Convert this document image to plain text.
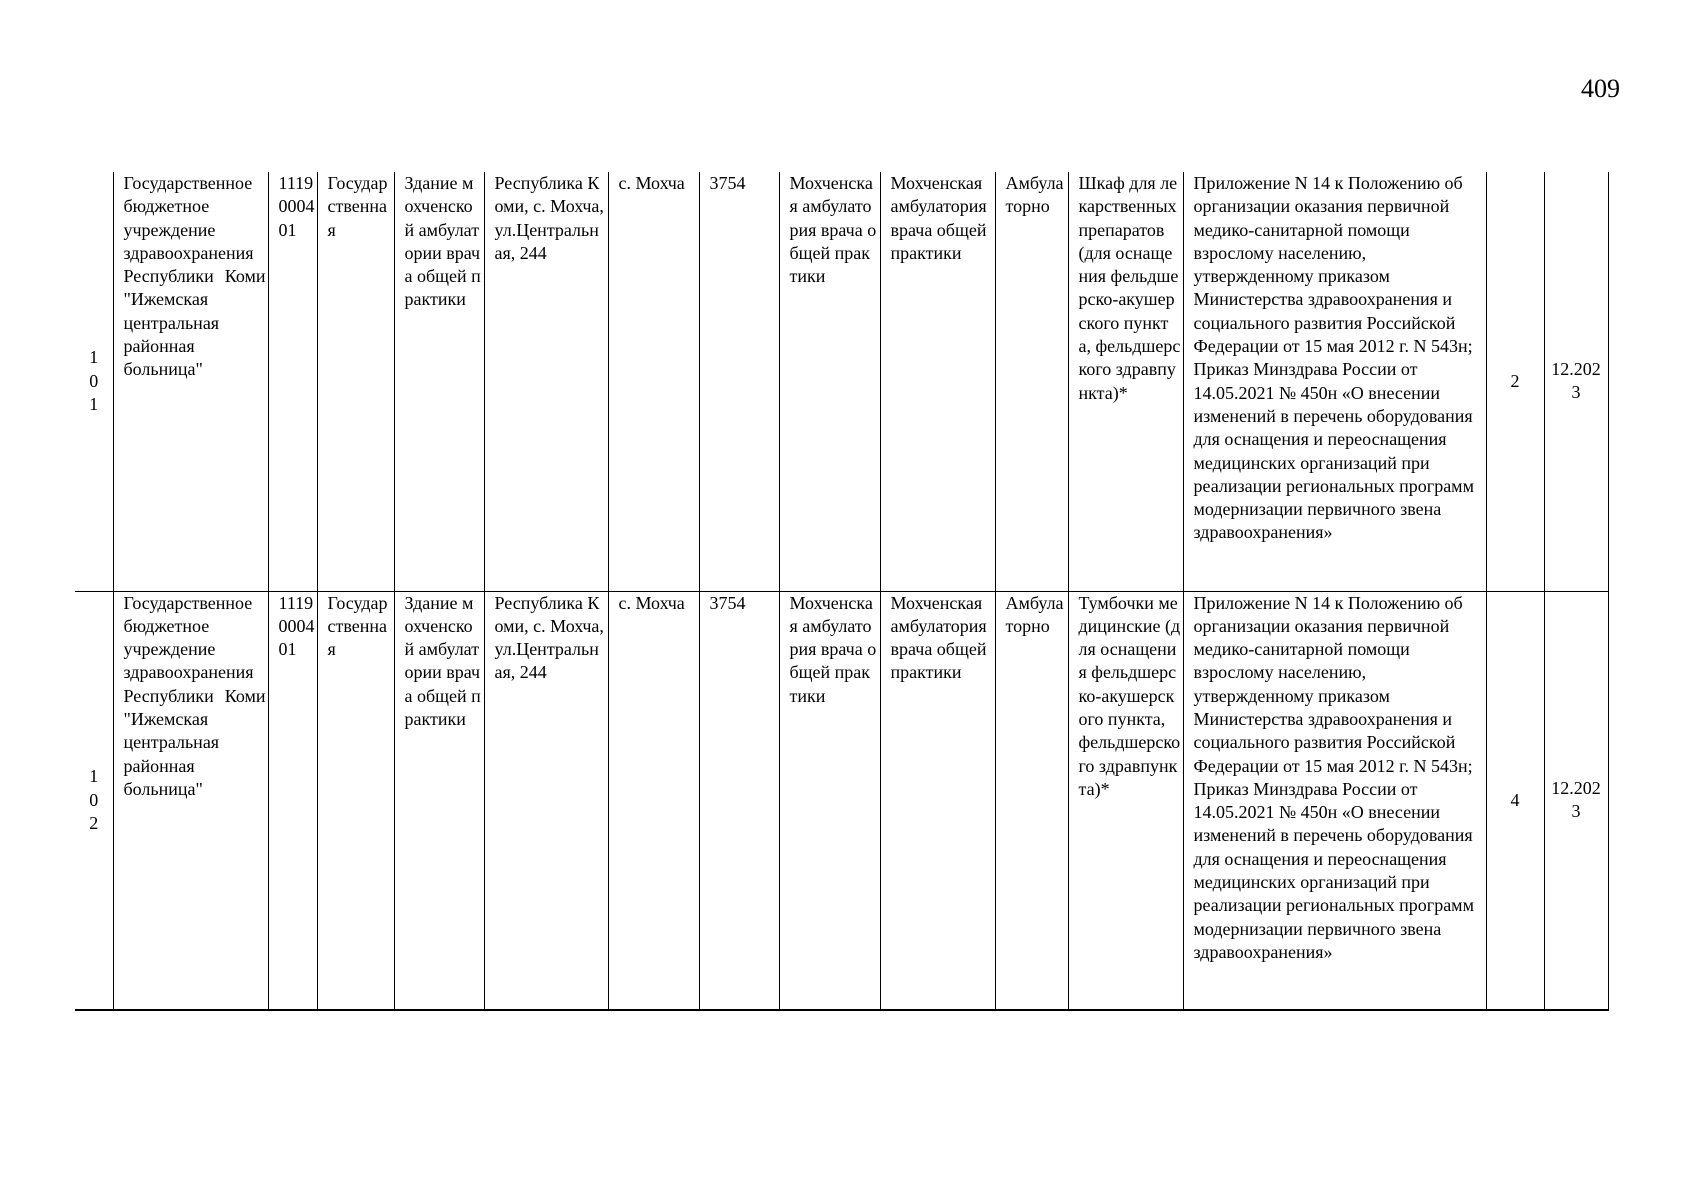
409
101	Государственное бюджетное учреждение здравоохранения Республики Коми "Ижемская центральная районная больница"	1119000401	Государственная	Здание мохченской амбулатории врача общей практики	Республика Коми, с. Мохча, ул.Центральная, 244	с. Мохча	3754	Мохченская амбулатория врача общей практики	Мохченская амбулатория врача общей практики	Амбулаторно	Шкаф для лекарственных препаратов (для оснащения фельдшерско-акушерского пункта, фельдшерского здравпункта)*	Приложение N 14 к Положению об организации оказания первичной медико-санитарной помощи взрослому населению, утвержденному приказом Министерства здравоохранения и социального развития Российской Федерации от 15 мая 2012 г. N 543н; Приказ Минздрава России от 14.05.2021 № 450н «О внесении изменений в перечень оборудования для оснащения и переоснащения медицинских организаций при реализации региональных программ модернизации первичного звена здравоохранения»	2	12.2023

102	Государственное бюджетное учреждение здравоохранения Республики Коми "Ижемская центральная районная больница"	1119000401	Государственная	Здание мохченской амбулатории врача общей практики	Республика Коми, с. Мохча, ул.Центральная, 244	с. Мохча	3754	Мохченская амбулатория врача общей практики	Мохченская амбулатория врача общей практики	Амбулаторно	Тумбочки медицинские (для оснащения фельдшерско-акушерского пункта, фельдшерского здравпункта)*	Приложение N 14 к Положению об организации оказания первичной медико-санитарной помощи взрослому населению, утвержденному приказом Министерства здравоохранения и социального развития Российской Федерации от 15 мая 2012 г. N 543н; Приказ Минздрава России от 14.05.2021 № 450н «О внесении изменений в перечень оборудования для оснащения и переоснащения медицинских организаций при реализации региональных программ модернизации первичного звена здравоохранения»	4	12.2023
